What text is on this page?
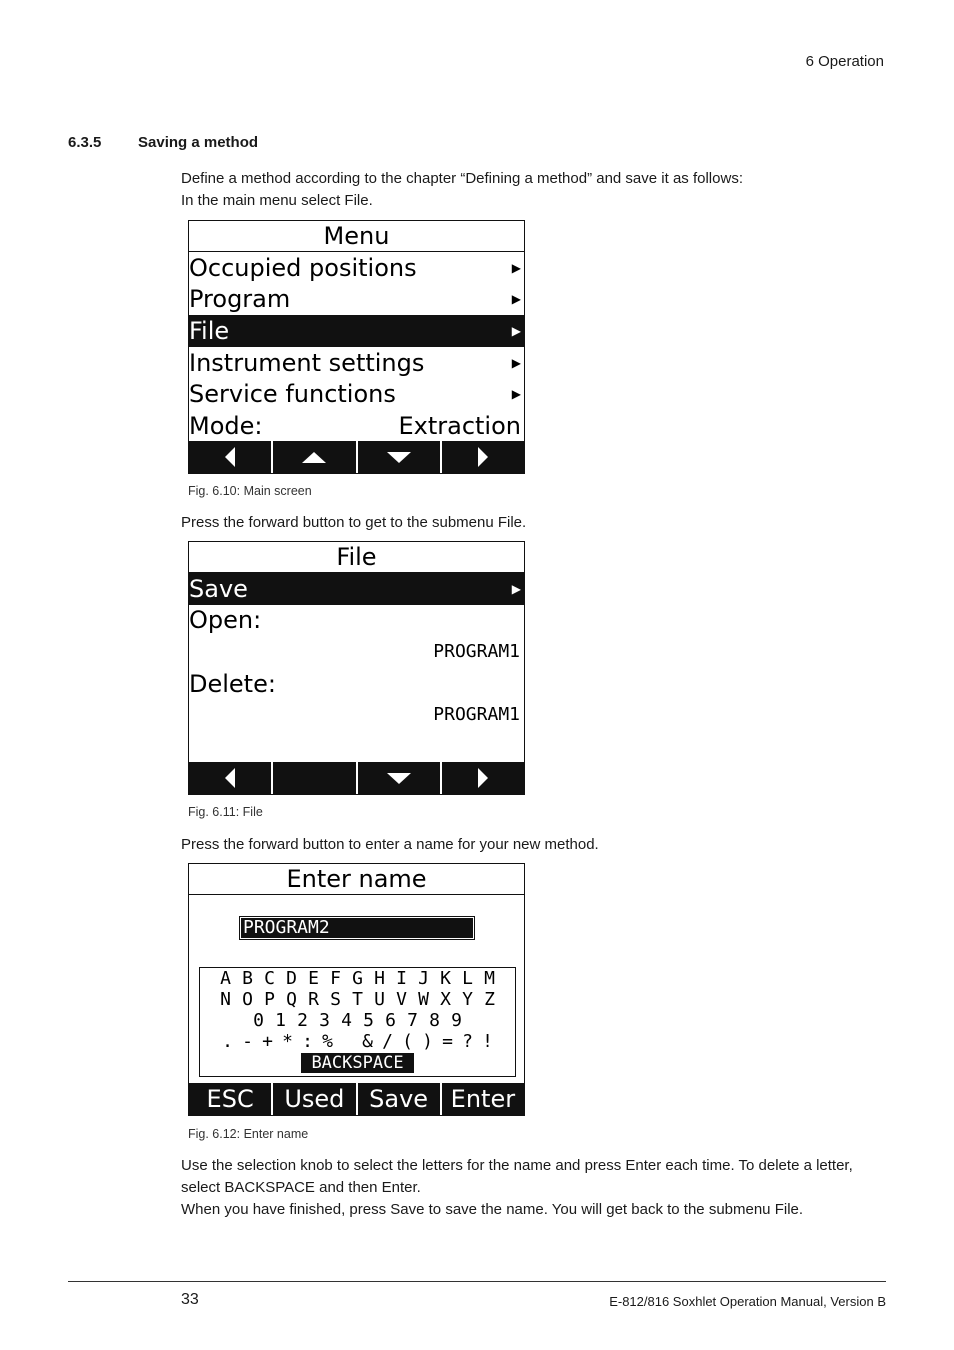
6 Operation
6.3.5 Saving a method
Define a method according to the chapter “Defining a method” and save it as follows:
In the main menu select File.
Menu
Occupied positions	▶
Program	▶
File	▶
Instrument settings	▶
Service functions	▶
Mode:	Extraction
Fig. 6.10: Main screen
Press the forward button to get to the submenu File.
File
Save	▶
Open:
PROGRAM1
Delete:
PROGRAM1
Fig. 6.11: File
Press the forward button to enter a name for your new method.
Enter name
PROGRAM2
A B C D E F G H I J K L M
N O P Q R S T U V W X Y Z
0 1 2 3 4 5 6 7 8 9
. - + * : % & / ( ) = ? !
BACKSPACE
ESC	Used	Save Enter
Fig. 6.12: Enter name
Use the selection knob to select the letters for the name and press Enter each time. To delete a letter, select BACKSPACE and then Enter.
When you have finished, press Save to save the name. You will get back to the submenu File.
33	E-812/816 Soxhlet Operation Manual, Version B
